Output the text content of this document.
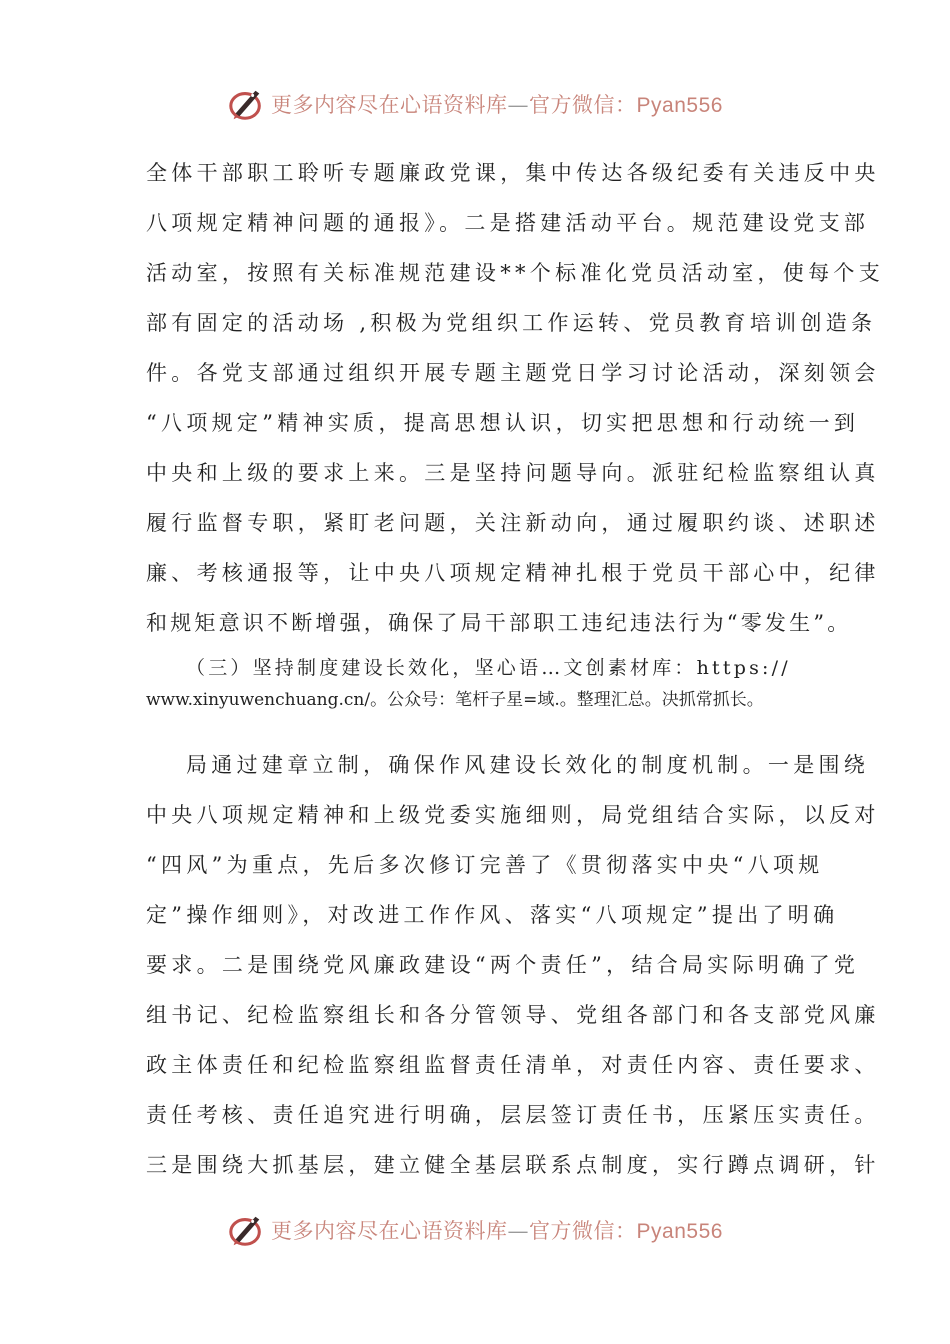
更多内容尽在心语资料库—官方微信：Pyan556
全体干部职工聆听专题廉政党课，集中传达各级纪委有关违反中央
八项规定精神问题的通报》。二是搭建活动平台。规范建设党支部
活动室，按照有关标准规范建设**个标准化党员活动室，使每个支
部有固定的活动场 ,积极为党组织工作运转、党员教育培训创造条
件。各党支部通过组织开展专题主题党日学习讨论活动，深刻领会
“八项规定”精神实质，提高思想认识，切实把思想和行动统一到
中央和上级的要求上来。三是坚持问题导向。派驻纪检监察组认真
履行监督专职，紧盯老问题，关注新动向，通过履职约谈、述职述
廉、考核通报等，让中央八项规定精神扎根于党员干部心中，纪律
和规矩意识不断增强，确保了局干部职工违纪违法行为“零发生”。
（三）坚持制度建设长效化，坚心语…文创素材库：https://
www.xinyuwenchuang.cn/。公众号：笔杆子星=域.。整理汇总。决抓常抓长。
局通过建章立制，确保作风建设长效化的制度机制。一是围绕
中央八项规定精神和上级党委实施细则，局党组结合实际，以反对
“四风”为重点，先后多次修订完善了《贯彻落实中央“八项规
定”操作细则》，对改进工作作风、落实“八项规定”提出了明确
要求。二是围绕党风廉政建设“两个责任”，结合局实际明确了党
组书记、纪检监察组长和各分管领导、党组各部门和各支部党风廉
政主体责任和纪检监察组监督责任清单，对责任内容、责任要求、
责任考核、责任追究进行明确，层层签订责任书，压紧压实责任。
三是围绕大抓基层，建立健全基层联系点制度，实行蹲点调研，针
更多内容尽在心语资料库—官方微信：Pyan556
